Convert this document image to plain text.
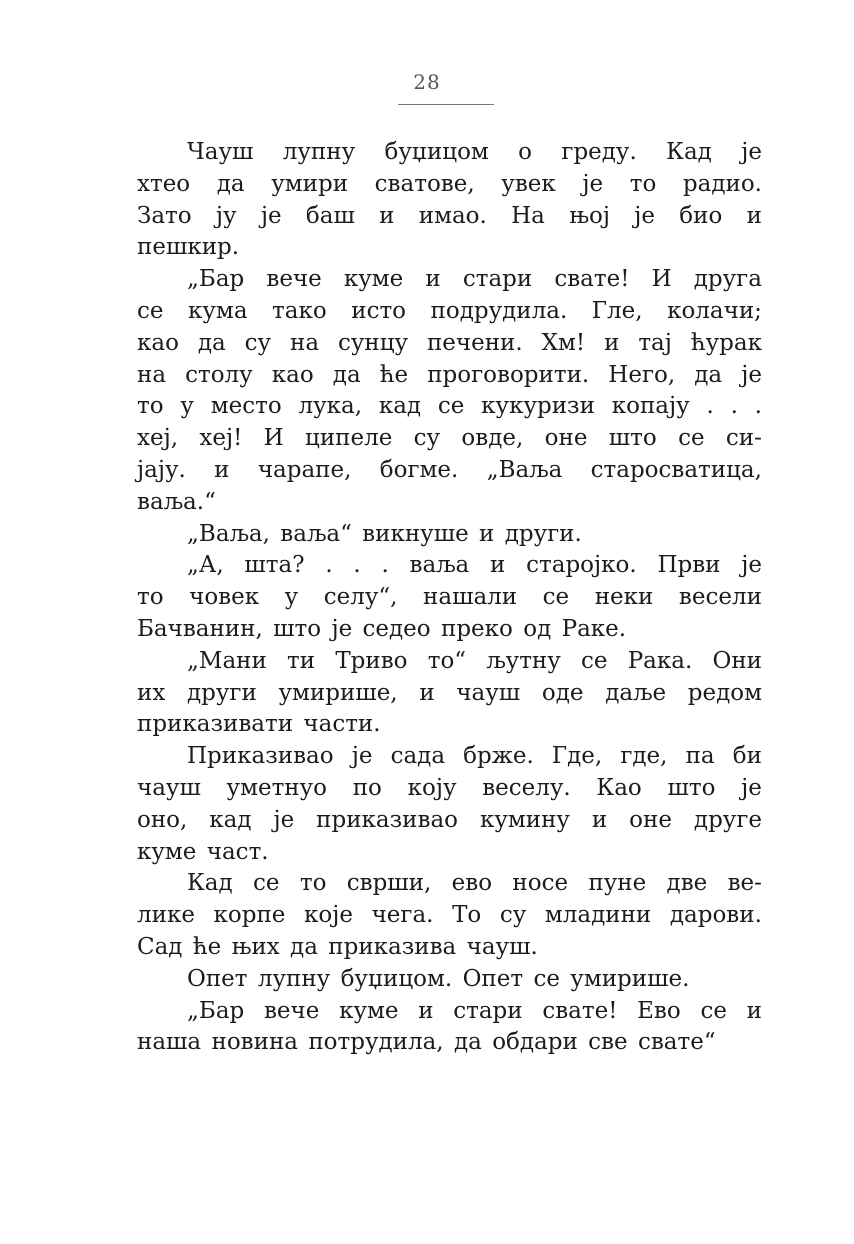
28
Чауш лупну буџицом о греду. Кад је
хтео да умири сватове, увек је то радио.
Зато ју је баш и имао. На њој је био и
пешкир.
„Бар вече куме и стари свате! И друга
се кума тако исто подрудила. Гле, колачи;
као да су на сунцу печени. Хм! и тај ћурак
на столу као да ће проговорити. Него, да је
то у место лука, кад се кукуризи копају . . .
хеј, хеј! И ципеле су овде, оне што се си-
јају. и чарапе, богме. „Ваља старосватица,
ваља.“
„Ваља, ваља“ викнуше и други.
„А, шта? . . . ваља и старојко. Први је
то човек у селу“, нашали се неки весели
Бачванин, што је седео преко од Раке.
„Мани ти Триво то“ љутну се Рака. Они
их други умирише, и чауш оде даље редом
приказивати части.
Приказивао је сада брже. Где, где, па би
чауш уметнуо по коју веселу. Као што је
оно, кад је приказивао кумину и оне друге
куме част.
Кад се то сврши, ево носе пуне две ве-
лике корпе које чега. То су младини дарови.
Сад ће њих да приказива чауш.
Опет лупну буџицом. Опет се умирише.
„Бар вече куме и стари свате! Ево се и
наша новина потрудила, да обдари све свате“
